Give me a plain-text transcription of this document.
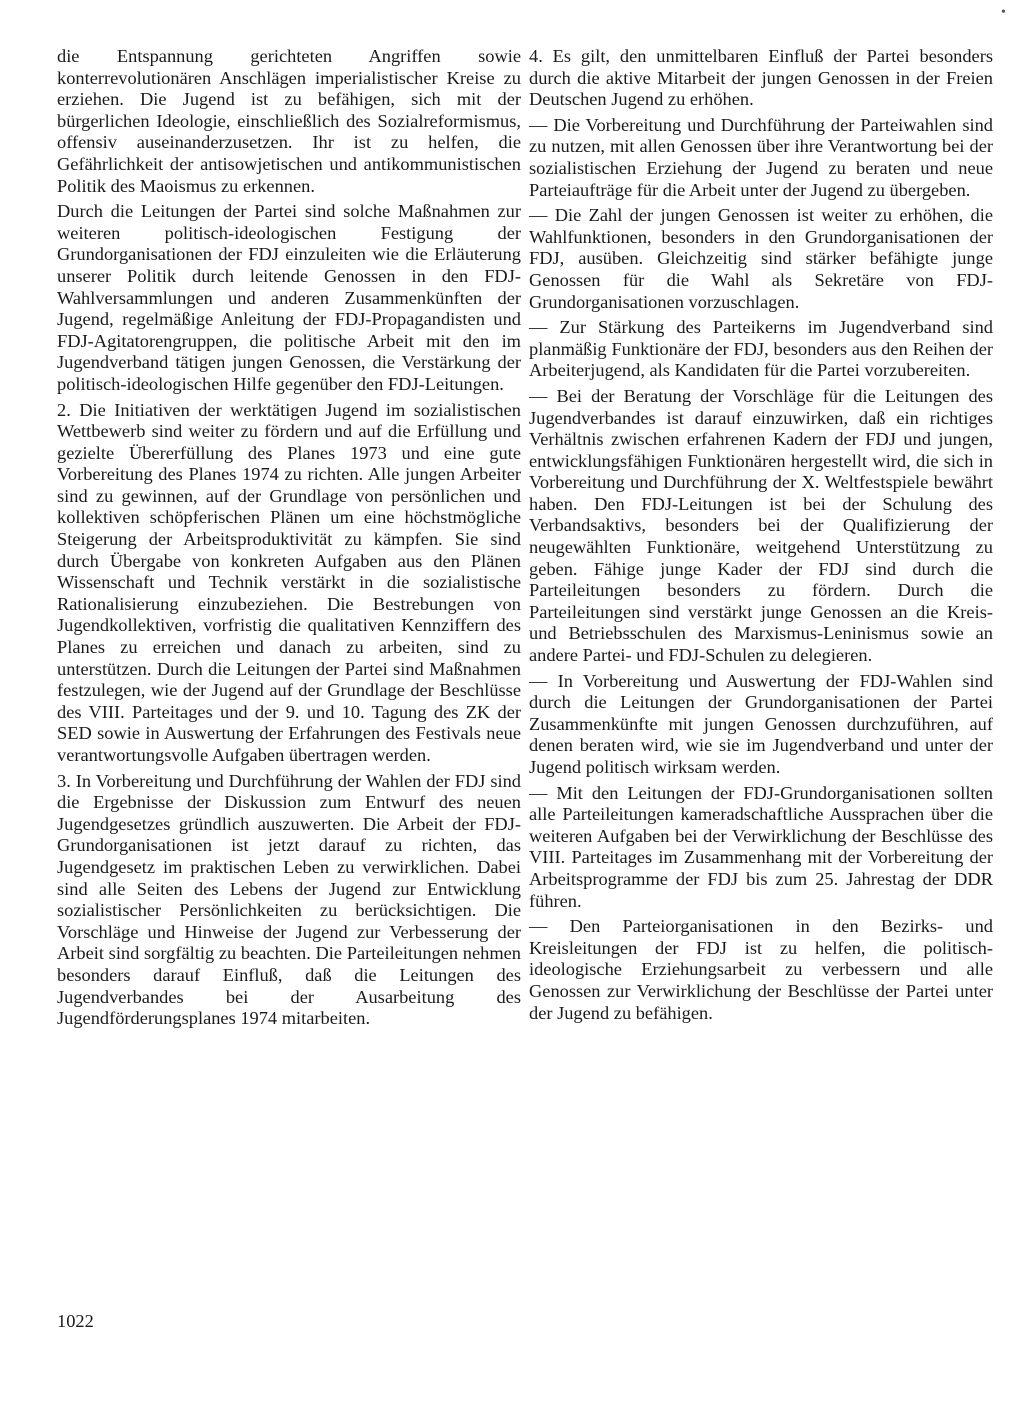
•

die Entspannung gerichteten Angriffen sowie konterrevolutionären Anschlägen imperialistischer Kreise zu erziehen. Die Jugend ist zu befähigen, sich mit der bürgerlichen Ideologie, einschließlich des Sozialreformismus, offensiv auseinanderzusetzen. Ihr ist zu helfen, die Gefährlichkeit der antisowjetischen und antikommunistischen Politik des Maoismus zu erkennen.

Durch die Leitungen der Partei sind solche Maßnahmen zur weiteren politisch-ideologischen Festigung der Grundorganisationen der FDJ einzuleiten wie die Erläuterung unserer Politik durch leitende Genossen in den FDJ-Wahlversammlungen und anderen Zusammenkünften der Jugend, regelmäßige Anleitung der FDJ-Propagandisten und FDJ-Agitatorengruppen, die politische Arbeit mit den im Jugendverband tätigen jungen Genossen, die Verstärkung der politisch-ideologischen Hilfe gegenüber den FDJ-Leitungen.

2. Die Initiativen der werktätigen Jugend im sozialistischen Wettbewerb sind weiter zu fördern und auf die Erfüllung und gezielte Übererfüllung des Planes 1973 und eine gute Vorbereitung des Planes 1974 zu richten. Alle jungen Arbeiter sind zu gewinnen, auf der Grundlage von persönlichen und kollektiven schöpferischen Plänen um eine höchstmögliche Steigerung der Arbeitsproduktivität zu kämpfen. Sie sind durch Übergabe von konkreten Aufgaben aus den Plänen Wissenschaft und Technik verstärkt in die sozialistische Rationalisierung einzubeziehen. Die Bestrebungen von Jugendkollektiven, vorfristig die qualitativen Kennziffern des Planes zu erreichen und danach zu arbeiten, sind zu unterstützen. Durch die Leitungen der Partei sind Maßnahmen festzulegen, wie der Jugend auf der Grundlage der Beschlüsse des VIII. Parteitages und der 9. und 10. Tagung des ZK der SED sowie in Auswertung der Erfahrungen des Festivals neue verantwortungsvolle Aufgaben übertragen werden.

3. In Vorbereitung und Durchführung der Wahlen der FDJ sind die Ergebnisse der Diskussion zum Entwurf des neuen Jugendgesetzes gründlich auszuwerten. Die Arbeit der FDJ-Grundorganisationen ist jetzt darauf zu richten, das Jugendgesetz im praktischen Leben zu verwirklichen. Dabei sind alle Seiten des Lebens der Jugend zur Entwicklung sozialistischer Persönlichkeiten zu berücksichtigen. Die Vorschläge und Hinweise der Jugend zur Verbesserung der Arbeit sind sorgfältig zu beachten. Die Parteileitungen nehmen besonders darauf Einfluß, daß die Leitungen des Jugendverbandes bei der Ausarbeitung des Jugendförderungsplanes 1974 mitarbeiten.

4. Es gilt, den unmittelbaren Einfluß der Partei besonders durch die aktive Mitarbeit der jungen Genossen in der Freien Deutschen Jugend zu erhöhen.

— Die Vorbereitung und Durchführung der Parteiwahlen sind zu nutzen, mit allen Genossen über ihre Verantwortung bei der sozialistischen Erziehung der Jugend zu beraten und neue Parteiaufträge für die Arbeit unter der Jugend zu übergeben.

— Die Zahl der jungen Genossen ist weiter zu erhöhen, die Wahlfunktionen, besonders in den Grundorganisationen der FDJ, ausüben. Gleichzeitig sind stärker befähigte junge Genossen für die Wahl als Sekretäre von FDJ-Grundorganisationen vorzuschlagen.

— Zur Stärkung des Parteikerns im Jugendverband sind planmäßig Funktionäre der FDJ, besonders aus den Reihen der Arbeiterjugend, als Kandidaten für die Partei vorzubereiten.

— Bei der Beratung der Vorschläge für die Leitungen des Jugendverbandes ist darauf einzuwirken, daß ein richtiges Verhältnis zwischen erfahrenen Kadern der FDJ und jungen, entwicklungsfähigen Funktionären hergestellt wird, die sich in Vorbereitung und Durchführung der X. Weltfestspiele bewährt haben. Den FDJ-Leitungen ist bei der Schulung des Verbandsaktivs, besonders bei der Qualifizierung der neugewählten Funktionäre, weitgehend Unterstützung zu geben. Fähige junge Kader der FDJ sind durch die Parteileitungen besonders zu fördern. Durch die Parteileitungen sind verstärkt junge Genossen an die Kreis- und Betriebsschulen des Marxismus-Leninismus sowie an andere Partei- und FDJ-Schulen zu delegieren.

— In Vorbereitung und Auswertung der FDJ-Wahlen sind durch die Leitungen der Grundorganisationen der Partei Zusammenkünfte mit jungen Genossen durchzuführen, auf denen beraten wird, wie sie im Jugendverband und unter der Jugend politisch wirksam werden.

— Mit den Leitungen der FDJ-Grundorganisationen sollten alle Parteileitungen kameradschaftliche Aussprachen über die weiteren Aufgaben bei der Verwirklichung der Beschlüsse des VIII. Parteitages im Zusammenhang mit der Vorbereitung der Arbeitsprogramme der FDJ bis zum 25. Jahrestag der DDR führen.

— Den Parteiorganisationen in den Bezirks- und Kreisleitungen der FDJ ist zu helfen, die politisch-ideologische Erziehungsarbeit zu verbessern und alle Genossen zur Verwirklichung der Beschlüsse der Partei unter der Jugend zu befähigen.

1022
